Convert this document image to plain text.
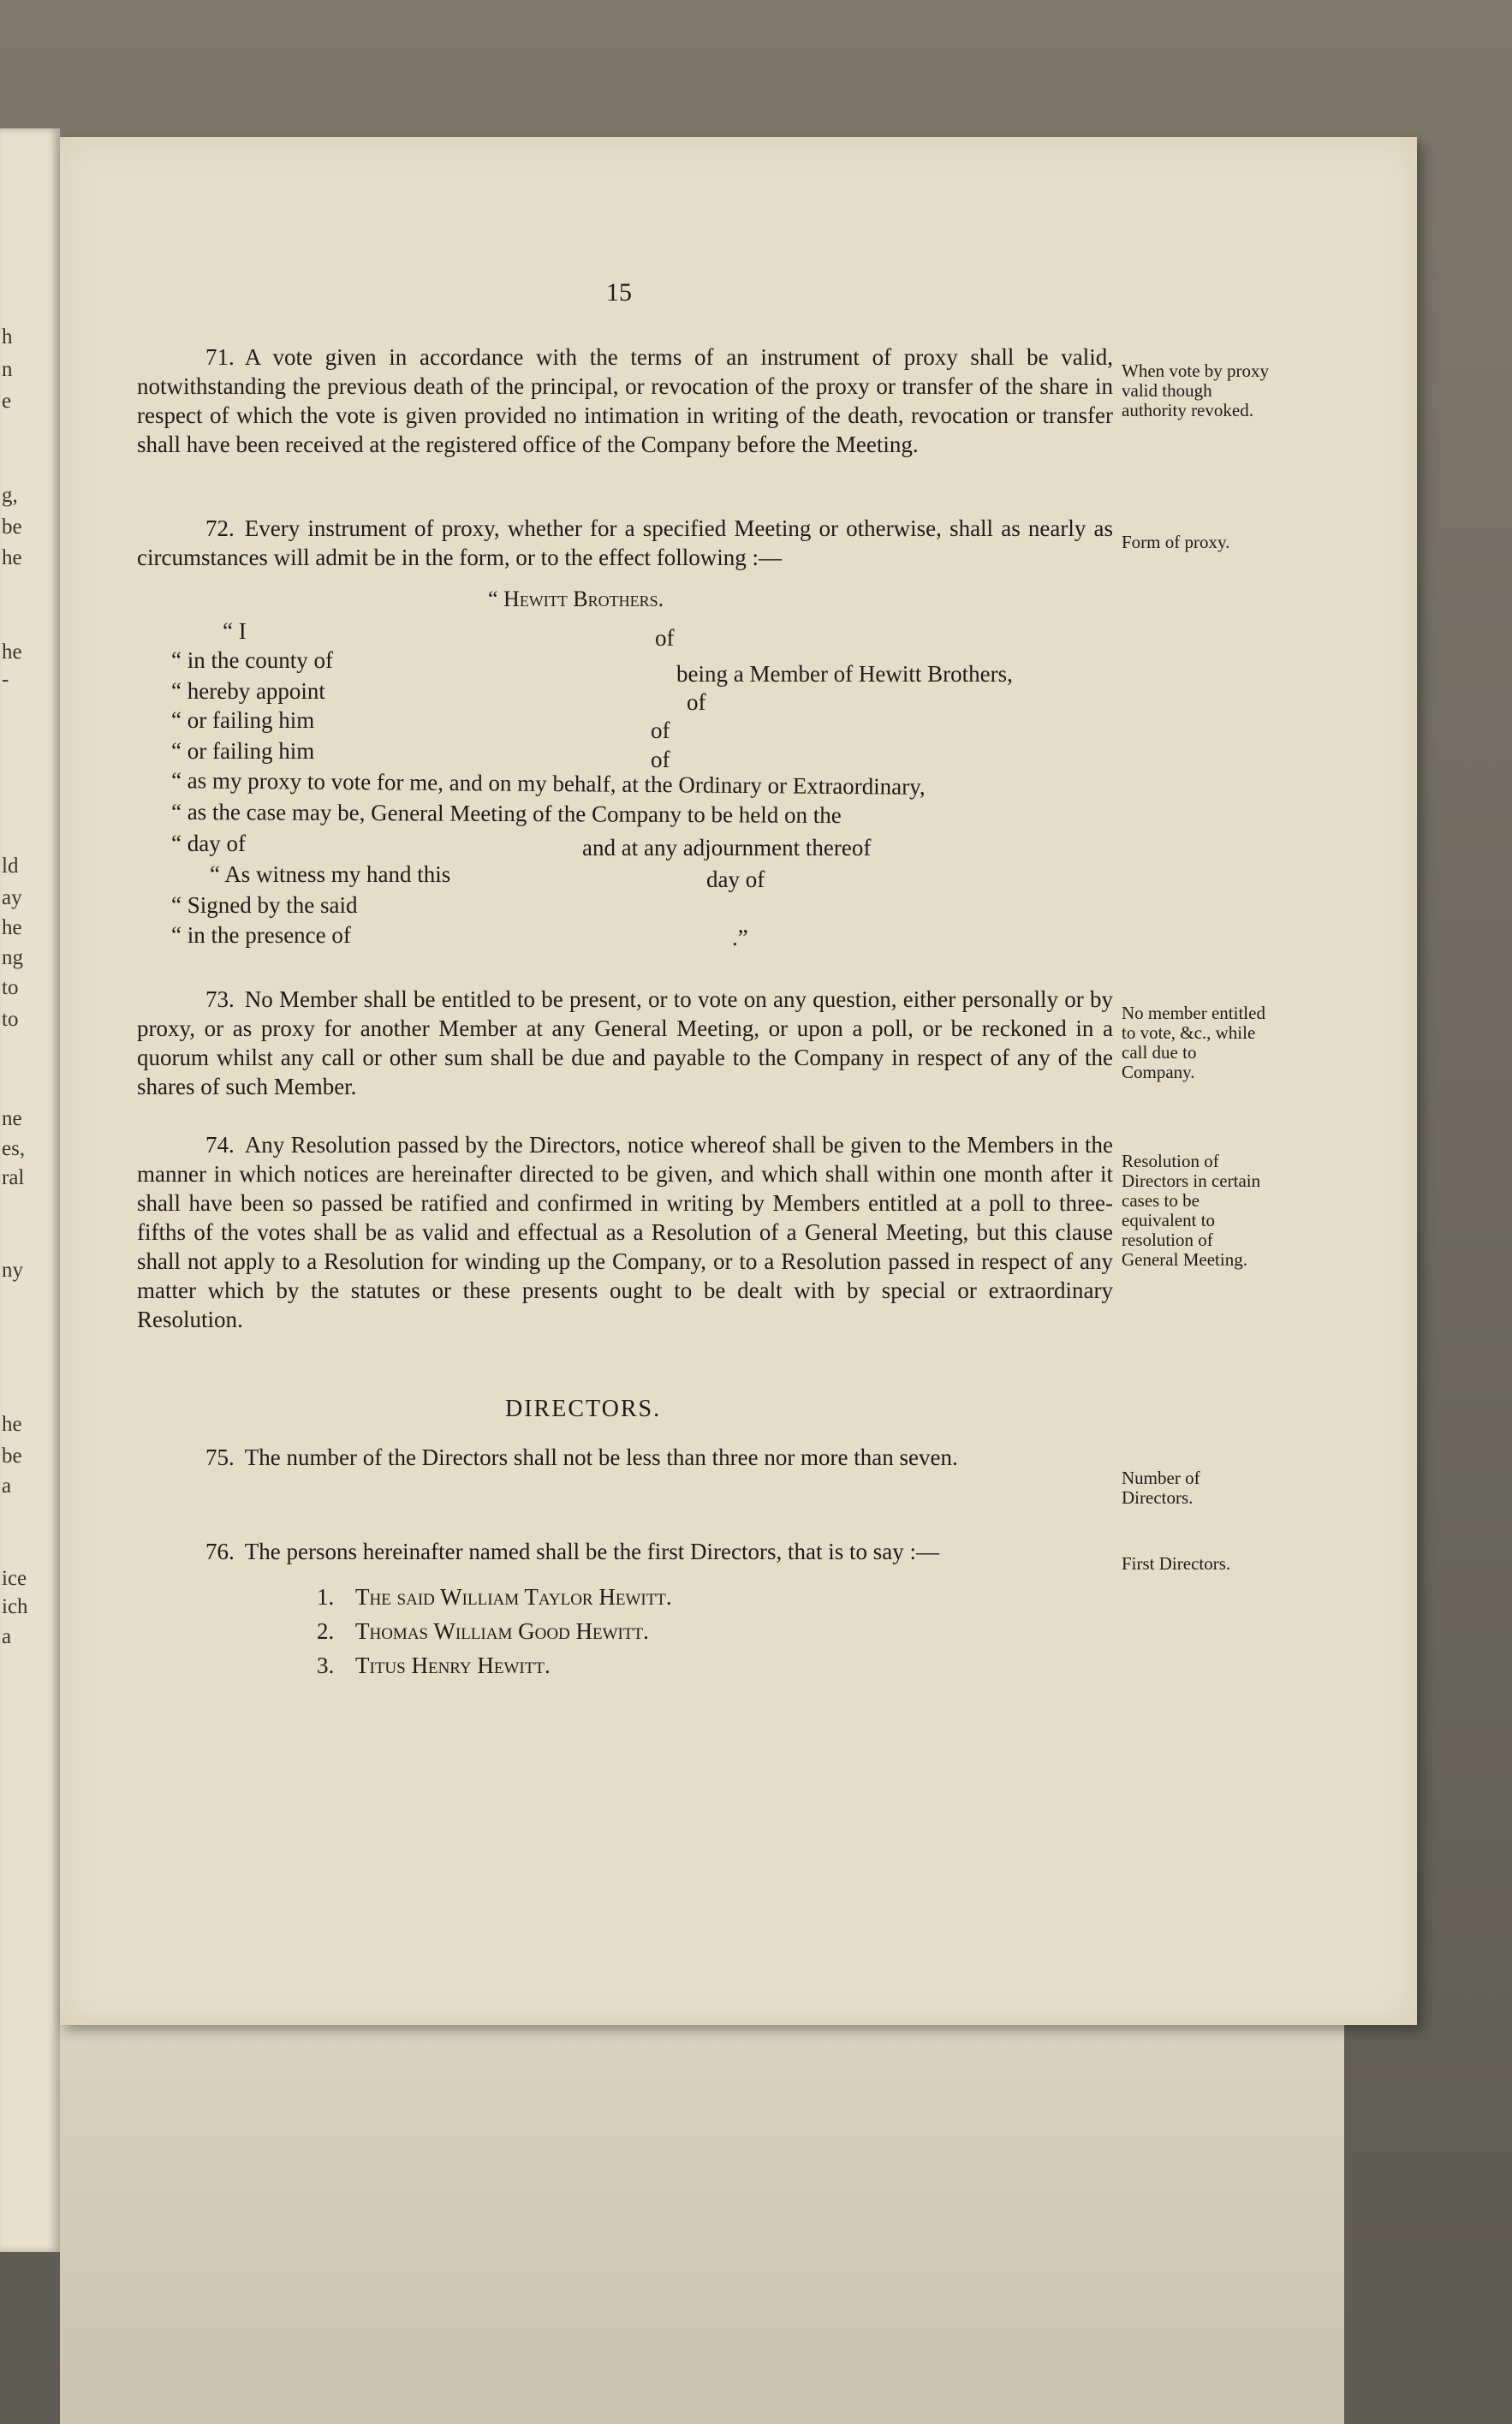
h
n
e
g,
be
he
he
-
ld
ay
he
ng
to
to
ne
es,
ral
ny
he
be
a
ice
ich
a
15
71. A vote given in accordance with the terms of an instrument of proxy shall be valid, notwithstanding the previous death of the principal, or revocation of the proxy or transfer of the share in respect of which the vote is given provided no intimation in writing of the death, revocation or transfer shall have been received at the registered office of the Company before the Meeting.
When vote by proxy valid though authority revoked.
72. Every instrument of proxy, whether for a specified Meeting or otherwise, shall as nearly as circumstances will admit be in the form, or to the effect following :—
Form of proxy.
“ Hewitt Brothers.
“ I	of
“ in the county of
being a Member of Hewitt Brothers,
“ hereby appoint	of
“ or failing him	of
“ or failing him	of
“ as my proxy to vote for me, and on my behalf, at the Ordinary or Extraordinary,
“ as the case may be, General Meeting of the Company to be held on the
“ day of	and at any adjournment thereof
“ As witness my hand this	day of
“ Signed by the said
“ in the presence of	.”
73. No Member shall be entitled to be present, or to vote on any question, either personally or by proxy, or as proxy for another Member at any General Meeting, or upon a poll, or be reckoned in a quorum whilst any call or other sum shall be due and payable to the Company in respect of any of the shares of such Member.
No member entitled to vote, &c., while call due to Company.
74. Any Resolution passed by the Directors, notice whereof shall be given to the Members in the manner in which notices are hereinafter directed to be given, and which shall within one month after it shall have been so passed be ratified and confirmed in writing by Members entitled at a poll to three-fifths of the votes shall be as valid and effectual as a Resolution of a General Meeting, but this clause shall not apply to a Resolution for winding up the Company, or to a Resolution passed in respect of any matter which by the statutes or these presents ought to be dealt with by special or extraordinary Resolution.
Resolution of Directors in certain cases to be equivalent to resolution of General Meeting.
DIRECTORS.
75. The number of the Directors shall not be less than three nor more than seven.
Number of Directors.
76. The persons hereinafter named shall be the first Directors, that is to say :—	First Directors.
1. The said William Taylor Hewitt.
2. Thomas William Good Hewitt.
3. Titus Henry Hewitt.
